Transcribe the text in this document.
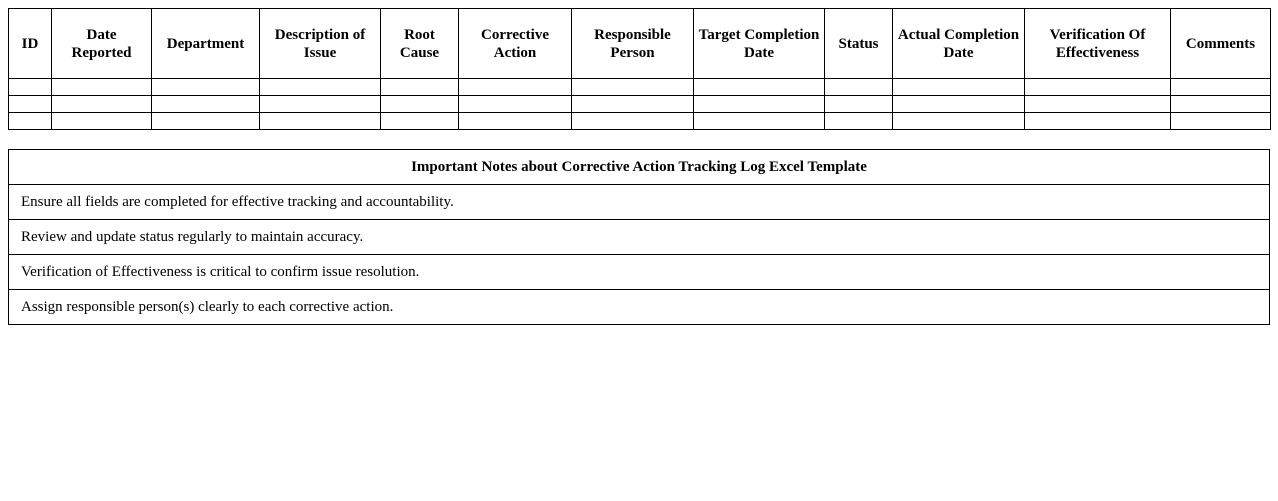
ID	Date Reported	Department	Description of Issue	Root Cause	Corrective Action	Responsible Person	Target Completion Date	Status	Actual Completion Date	Verification Of Effectiveness	Comments

Important Notes about Corrective Action Tracking Log Excel Template
Ensure all fields are completed for effective tracking and accountability.
Review and update status regularly to maintain accuracy.
Verification of Effectiveness is critical to confirm issue resolution.
Assign responsible person(s) clearly to each corrective action.
